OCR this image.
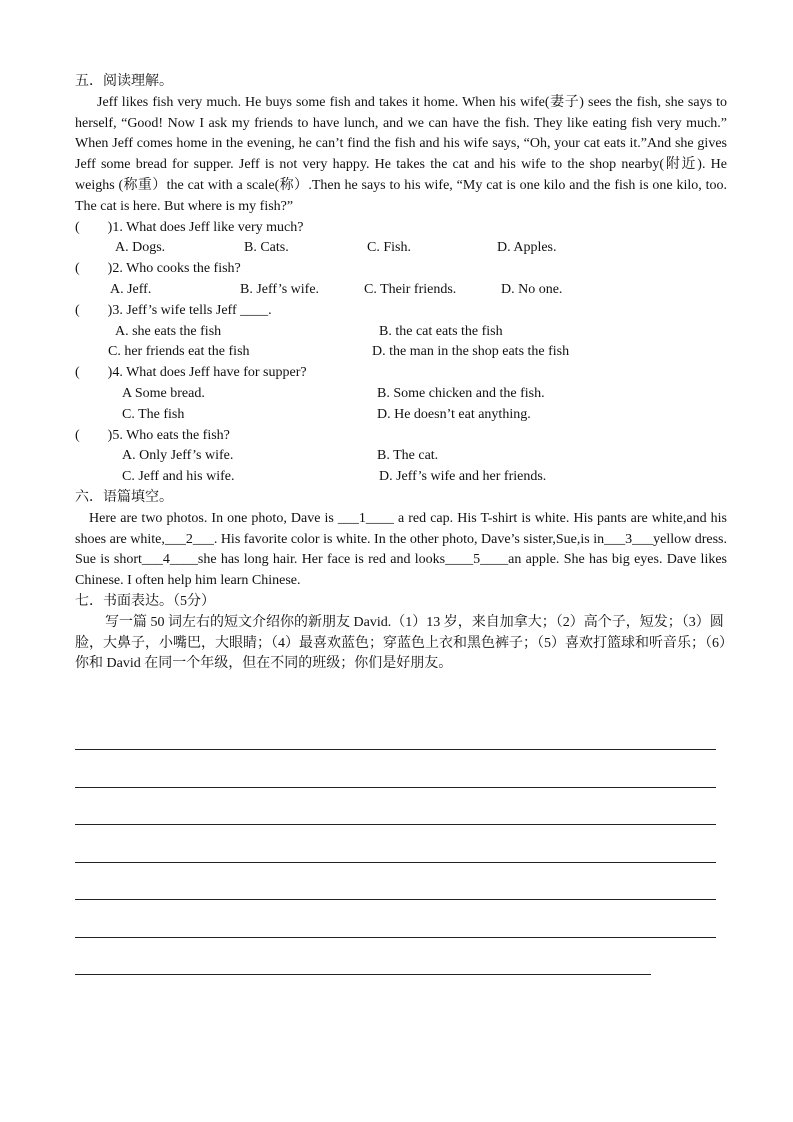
五．阅读理解。

Jeff likes fish very much. He buys some fish and takes it home. When his wife(妻子) sees the fish, she says to herself, “Good! Now I ask my friends to have lunch, and we can have the fish. They like eating fish very much.” When Jeff comes home in the evening, he can’t find the fish and his wife says, “Oh, your cat eats it.”And she gives Jeff some bread for supper. Jeff is not very happy. He takes the cat and his wife to the shop nearby(附近). He weighs (称重）the cat with a scale(称）.Then he says to his wife, “My cat is one kilo and the fish is one kilo, too. The cat is here. But where is my fish?”

(　　)1. What does Jeff like very much?
A. Dogs.	B. Cats.	C. Fish.	D. Apples.
(　　)2. Who cooks the fish?
A. Jeff.	B. Jeff’s wife.	C. Their friends.	D. No one.
(　　)3. Jeff’s wife tells Jeff ____.
A. she eats the fish	B. the cat eats the fish
C. her friends eat the fish	D. the man in the shop eats the fish
(　　)4. What does Jeff have for supper?
A Some bread.	B. Some chicken and the fish.
C. The fish	D. He doesn’t eat anything.
(　　)5. Who eats the fish?
A. Only Jeff’s wife.	B. The cat.
C. Jeff and his wife.	D. Jeff’s wife and her friends.

六．语篇填空。

Here are two photos. In one photo, Dave is ___1____ a red cap. His T-shirt is white. His pants are white,and his shoes are white,___2___. His favorite color is white. In the other photo, Dave’s sister,Sue,is in___3___yellow dress. Sue is short___4____she has long hair. Her face is red and looks____5____an apple. She has big eyes. Dave likes Chinese. I often help him learn Chinese.

七．书面表达。（5分）

写一篇 50 词左右的短文介绍你的新朋友 David.（1）13 岁，来自加拿大；（2）高个子，短发；（3）圆脸，大鼻子，小嘴巴，大眼睛；（4）最喜欢蓝色；穿蓝色上衣和黑色裤子；（5）喜欢打篮球和听音乐；（6）你和 David 在同一个年级，但在不同的班级；你们是好朋友。
